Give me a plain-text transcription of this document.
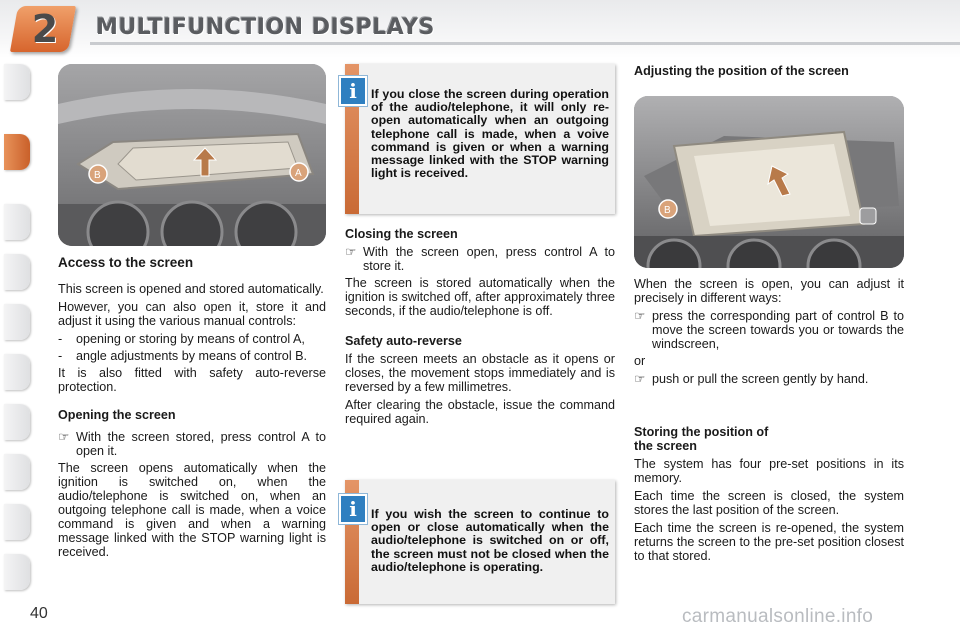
2	MULTIFUNCTION DISPLAYS
B	A
Access to the screen

This screen is opened and stored automatically.

However, you can also open it, store it and adjust it using the various manual controls:

-	opening or storing by means of control A,
-	angle adjustments by means of control B.

It is also fitted with safety auto-reverse protection.

Opening the screen
☞ With the screen stored, press control A to open it.

The screen opens automatically when the ignition is switched on, when the audio/telephone is switched on, when an outgoing telephone call is made, when a voice command is given and when a warning message linked with the STOP warning light is received.

i	If you close the screen during operation of the audio/telephone, it will only re-open automatically when an outgoing telephone call is made, when a voive command is given or when a warning message linked with the STOP warning light is received.
Closing the screen
☞ With the screen open, press control A to store it.

The screen is stored automatically when the ignition is switched off, after approximately three seconds, if the audio/telephone is off.

Safety auto-reverse

If the screen meets an obstacle as it opens or closes, the movement stops immediately and is reversed by a few millimetres.

After clearing the obstacle, issue the command required again.

i	If you wish the screen to continue to open or close automatically when the audio/telephone is switched on or off, the screen must not be closed when the audio/telephone is operating.
Adjusting the position of the screen
B

When the screen is open, you can adjust it precisely in different ways:

☞ press the corresponding part of control B to move the screen towards you or towards the windscreen,

or

☞ push or pull the screen gently by hand.
Storing the position of
the screen

The system has four pre-set positions in its memory.

Each time the screen is closed, the system stores the last position of the screen.

Each time the screen is re-opened, the system returns the screen to the pre-set position closest to that stored.

40	carmanualsonline.info
